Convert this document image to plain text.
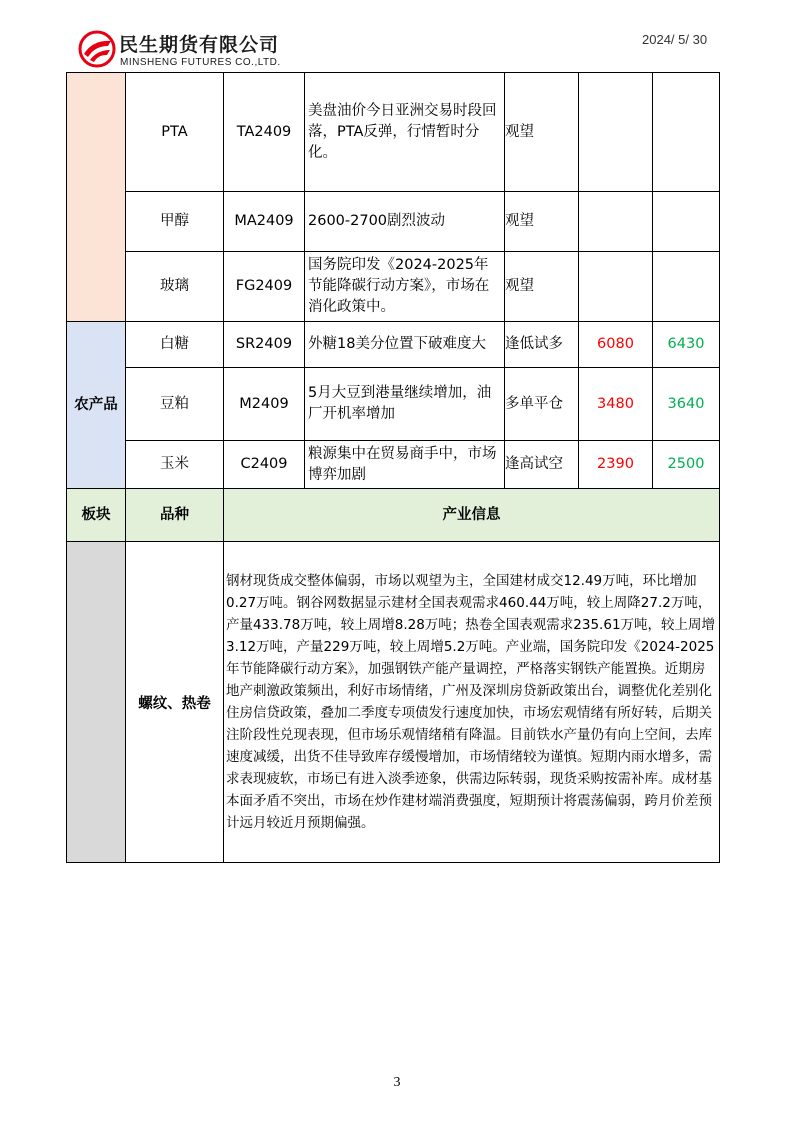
民生期货有限公司
MINSHENG FUTURES CO.,LTD.
2024/ 5/ 30
	PTA	TA2409	美盘油价今日亚洲交易时段回落，PTA反弹，行情暂时分化。	观望		
	甲醇	MA2409	2600-2700剧烈波动	观望		
	玻璃	FG2409	国务院印发《2024-2025年节能降碳行动方案》，市场在消化政策中。	观望		
农产品	白糖	SR2409	外糖18美分位置下破难度大	逢低试多	6080	6430
	豆粕	M2409	5月大豆到港量继续增加，油厂开机率增加	多单平仓	3480	3640
	玉米	C2409	粮源集中在贸易商手中，市场博弈加剧	逢高试空	2390	2500
板块	品种	产业信息				
	螺纹、热卷	钢材现货成交整体偏弱，市场以观望为主，全国建材成交12.49万吨，环比增加0.27万吨。钢谷网数据显示建材全国表观需求460.44万吨，较上周降27.2万吨，产量433.78万吨，较上周增8.28万吨；热卷全国表观需求235.61万吨，较上周增 3.12万吨，产量229万吨，较上周增5.2万吨。产业端，国务院印发《2024-2025年节能降碳行动方案》，加强钢铁产能产量调控，严格落实钢铁产能置换。近期房地产刺激政策频出，利好市场情绪，广州及深圳房贷新政策出台，调整优化差别化住房信贷政策，叠加二季度专项债发行速度加快，市场宏观情绪有所好转，后期关注阶段性兑现表现，但市场乐观情绪稍有降温。目前铁水产量仍有向上空间，去库速度减缓，出货不佳导致库存缓慢增加，市场情绪较为谨慎。短期内雨水增多，需求表现疲软，市场已有进入淡季迹象，供需边际转弱，现货采购按需补库。成材基本面矛盾不突出，市场在炒作建材端消费强度，短期预计将震荡偏弱，跨月价差预计远月较近月预期偏强。
3
